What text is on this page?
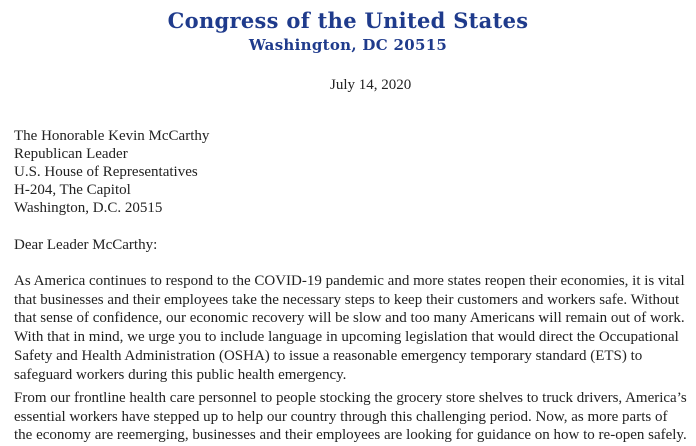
Congress of the United States
Washington, DC 20515
July 14, 2020
The Honorable Kevin McCarthy
Republican Leader
U.S. House of Representatives
H-204, The Capitol
Washington, D.C. 20515
Dear Leader McCarthy:
As America continues to respond to the COVID-19 pandemic and more states reopen their economies, it is vital
that businesses and their employees take the necessary steps to keep their customers and workers safe. Without
that sense of confidence, our economic recovery will be slow and too many Americans will remain out of work.
With that in mind, we urge you to include language in upcoming legislation that would direct the Occupational
Safety and Health Administration (OSHA) to issue a reasonable emergency temporary standard (ETS) to
safeguard workers during this public health emergency.
From our frontline health care personnel to people stocking the grocery store shelves to truck drivers, America’s
essential workers have stepped up to help our country through this challenging period. Now, as more parts of
the economy are reemerging, businesses and their employees are looking for guidance on how to re-open safely.
